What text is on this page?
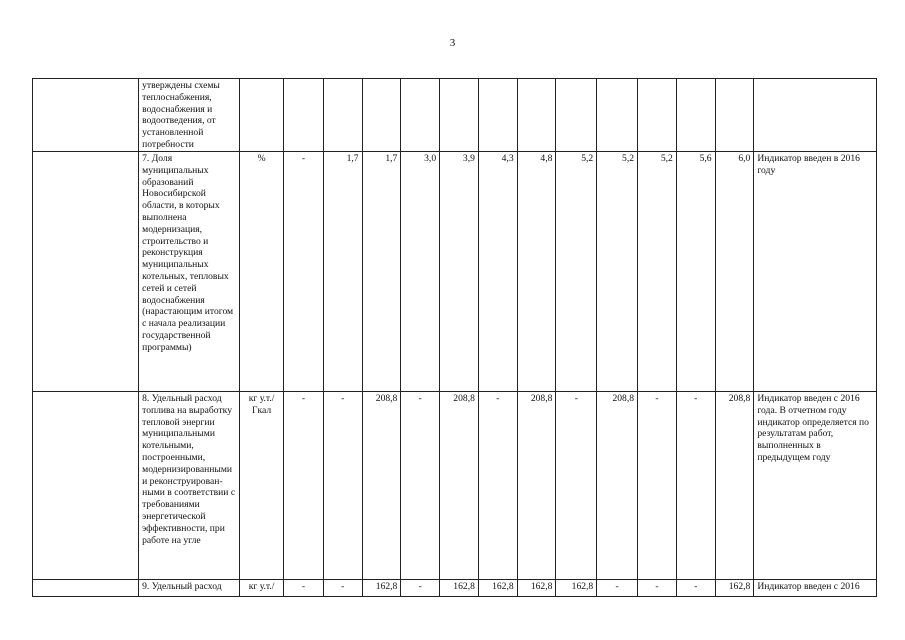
3
	утверждены схемы теплоснабжения, водоснабжения и водоотведения, от установленной потребности														
	7. Доля муниципальных образований Новосибирской области, в которых выполнена модернизация, строительство и реконструкция муниципальных котельных, тепловых сетей и сетей водоснабжения (нарастающим итогом с начала реализации государственной программы)	%	-	1,7	1,7	3,0	3,9	4,3	4,8	5,2	5,2	5,2	5,6	6,0	Индикатор введен в 2016 году
	8. Удельный расход топлива на выработку тепловой энергии муниципальными котельными, построенными, модернизированными и реконструирован-ными в соответствии с требованиями энергетической эффективности, при работе на угле	кг у.т./ Гкал	-	-	208,8	-	208,8	-	208,8	-	208,8	-	-	208,8	Индикатор введен с 2016 года. В отчетном году индикатор определяется по результатам работ, выполненных в предыдущем году
	9. Удельный расход	кг у.т./	-	-	162,8	-	162,8	162,8	162,8	162,8	-	-	-	162,8	Индикатор введен с 2016
